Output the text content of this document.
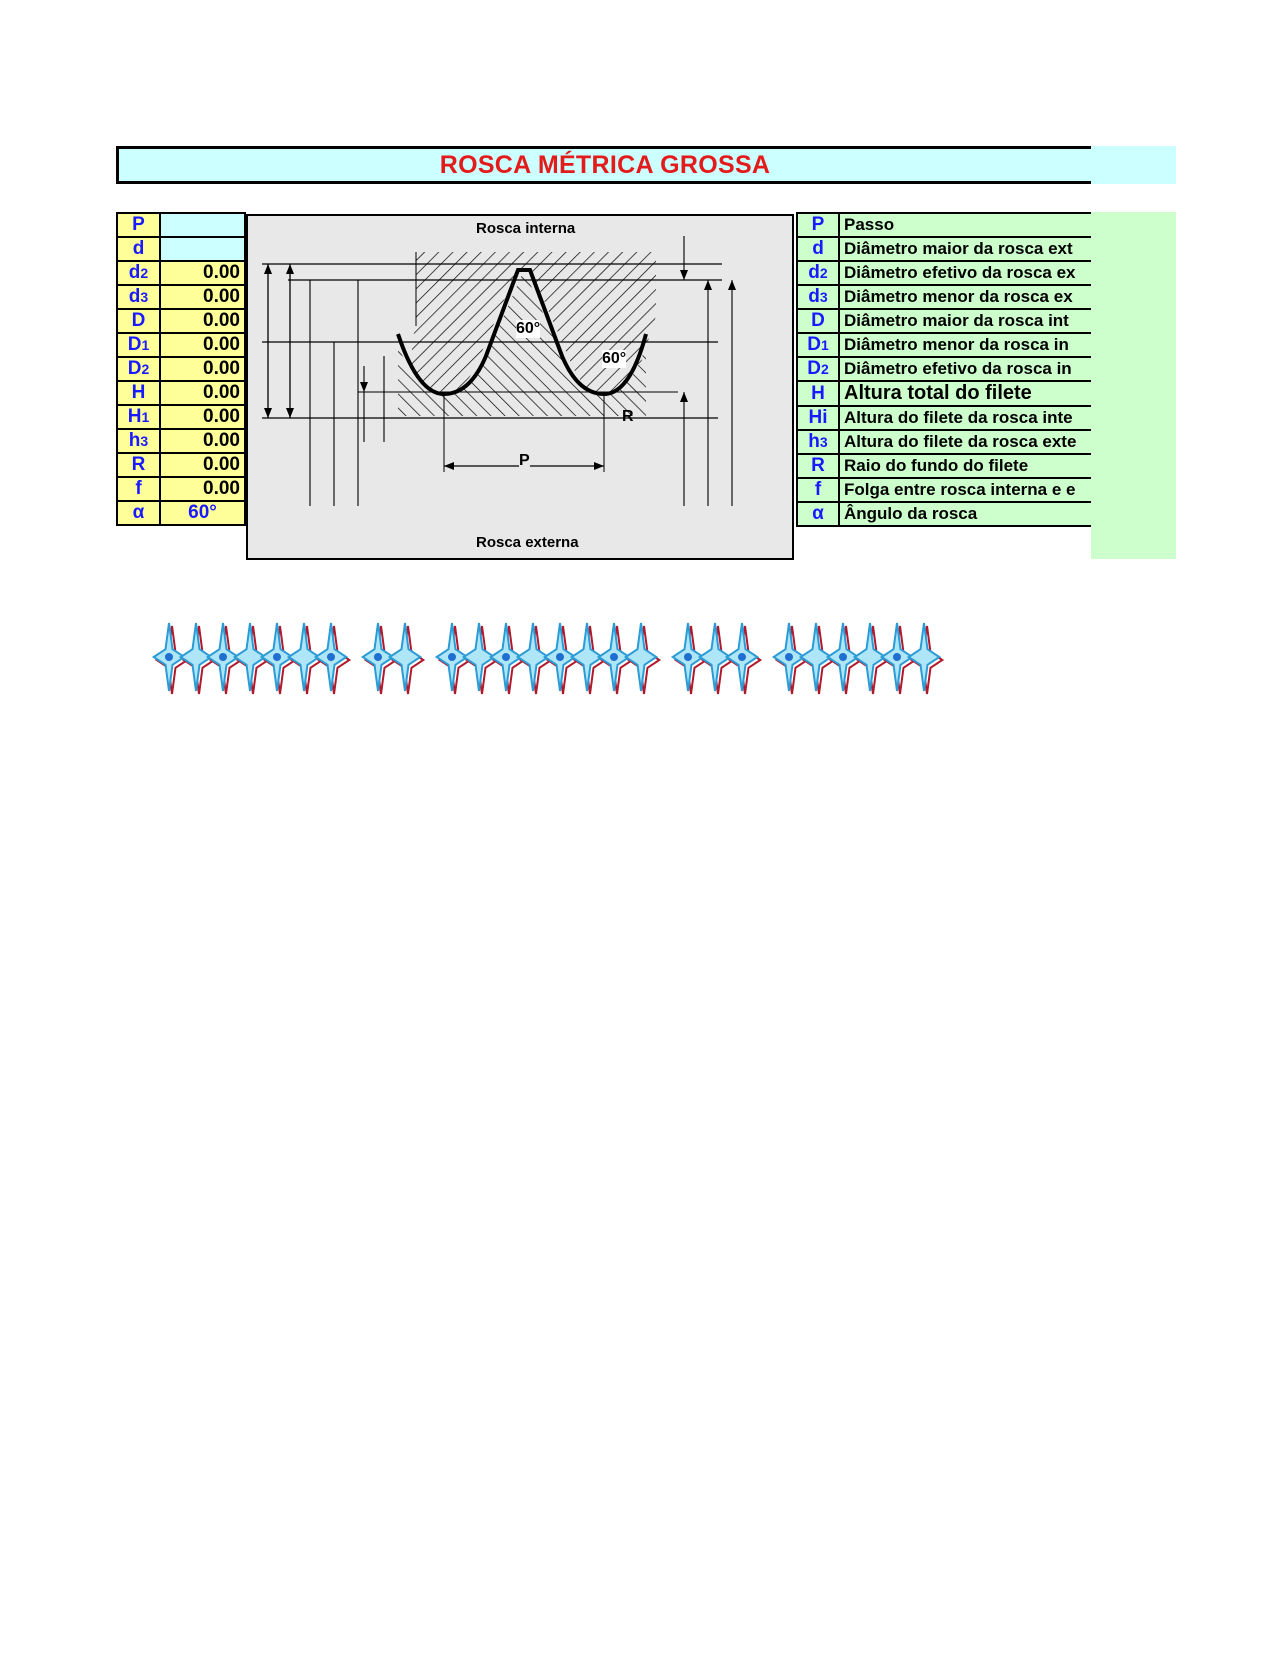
ROSCA MÉTRICA GROSSA
P	
d	
d2	0.00
d3	0.00
D	0.00
D1	0.00
D2	0.00
H	0.00
H1	0.00
h3	0.00
R	0.00
f	0.00
α	60°
Rosca interna
Rosca externa
60°
60°
P
R
P	Passo
d	Diâmetro maior da rosca ext
d2	Diâmetro efetivo da rosca ex
d3	Diâmetro menor da rosca ex
D	Diâmetro maior da rosca int
D1	Diâmetro menor da rosca in
D2	Diâmetro efetivo da rosca in
H	Altura total do filete
Hi	Altura do filete da rosca inte
h3	Altura do filete da rosca exte
R	Raio do fundo do filete
f	Folga entre rosca interna e e
α	Ângulo da rosca
